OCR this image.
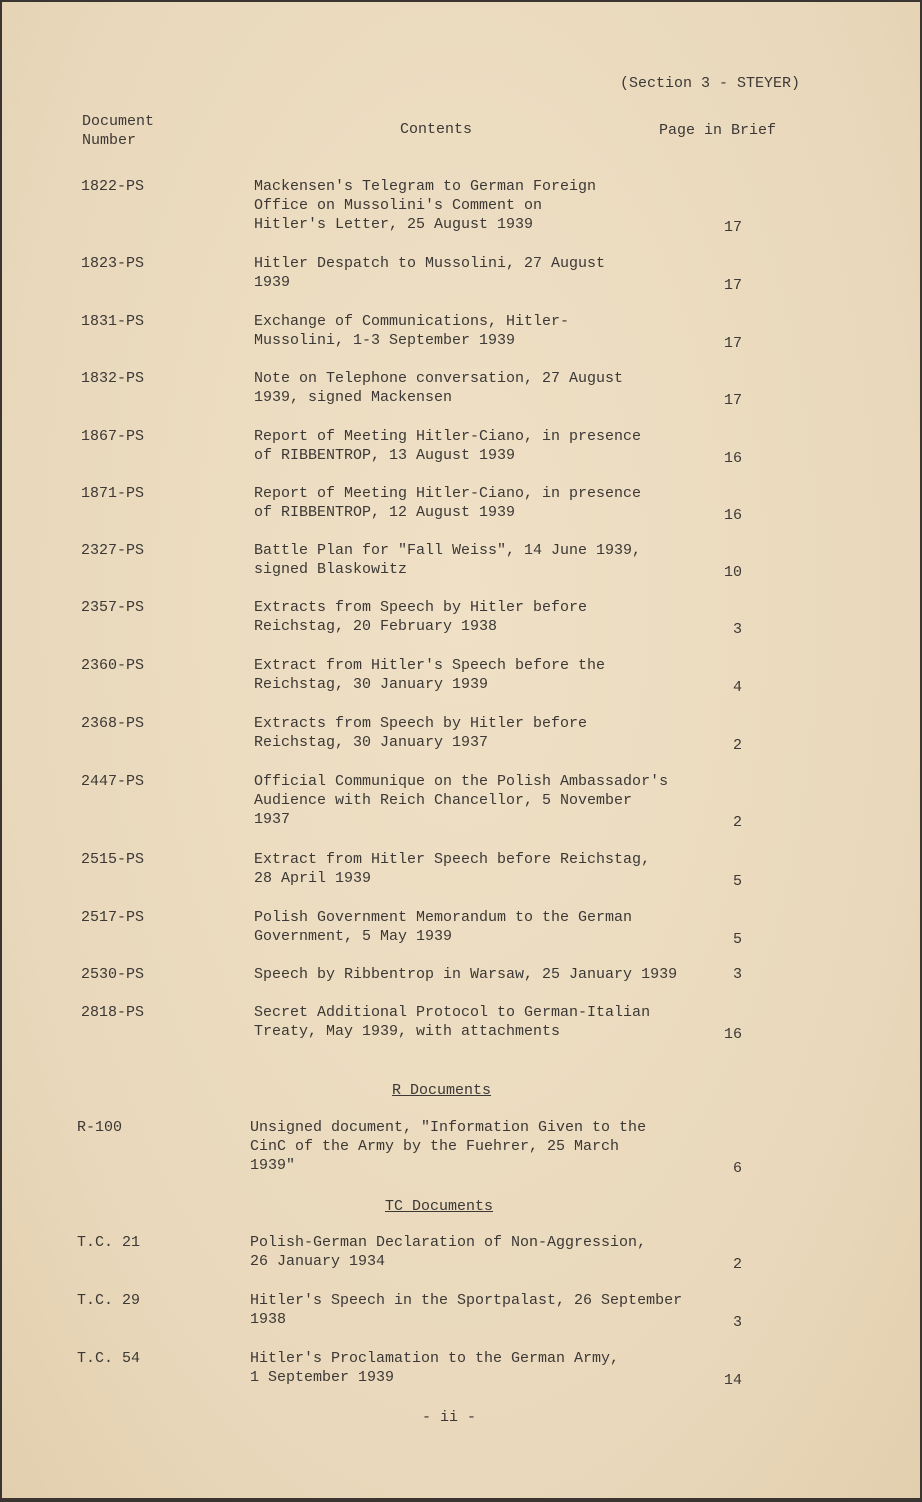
(Section 3 - STEYER)
Document
Number
Contents	Page in Brief
1822-PS	Mackensen's Telegram to German Foreign
Office on Mussolini's Comment on
Hitler's Letter, 25 August 1939	17
1823-PS	Hitler Despatch to Mussolini, 27 August
1939	17
1831-PS	Exchange of Communications, Hitler-
Mussolini, 1-3 September 1939	17
1832-PS	Note on Telephone conversation, 27 August
1939, signed Mackensen	17
1867-PS	Report of Meeting Hitler-Ciano, in presence
of RIBBENTROP, 13 August 1939	16
1871-PS	Report of Meeting Hitler-Ciano, in presence
of RIBBENTROP, 12 August 1939	16
2327-PS	Battle Plan for "Fall Weiss", 14 June 1939,
signed Blaskowitz	10
2357-PS	Extracts from Speech by Hitler before
Reichstag, 20 February 1938	3
2360-PS	Extract from Hitler's Speech before the
Reichstag, 30 January 1939	4
2368-PS	Extracts from Speech by Hitler before
Reichstag, 30 January 1937	2
2447-PS	Official Communique on the Polish Ambassador's
Audience with Reich Chancellor, 5 November
1937	2
2515-PS	Extract from Hitler Speech before Reichstag,
28 April 1939	5
2517-PS	Polish Government Memorandum to the German
Government, 5 May 1939	5
2530-PS	Speech by Ribbentrop in Warsaw, 25 January 1939	3
2818-PS	Secret Additional Protocol to German-Italian
Treaty, May 1939, with attachments	16
R Documents
R-100	Unsigned document, "Information Given to the
CinC of the Army by the Fuehrer, 25 March
1939"	6
TC Documents
T.C. 21	Polish-German Declaration of Non-Aggression,
26 January 1934	2
T.C. 29	Hitler's Speech in the Sportpalast, 26 September
1938	3
T.C. 54	Hitler's Proclamation to the German Army,
1 September 1939	14
- ii -
